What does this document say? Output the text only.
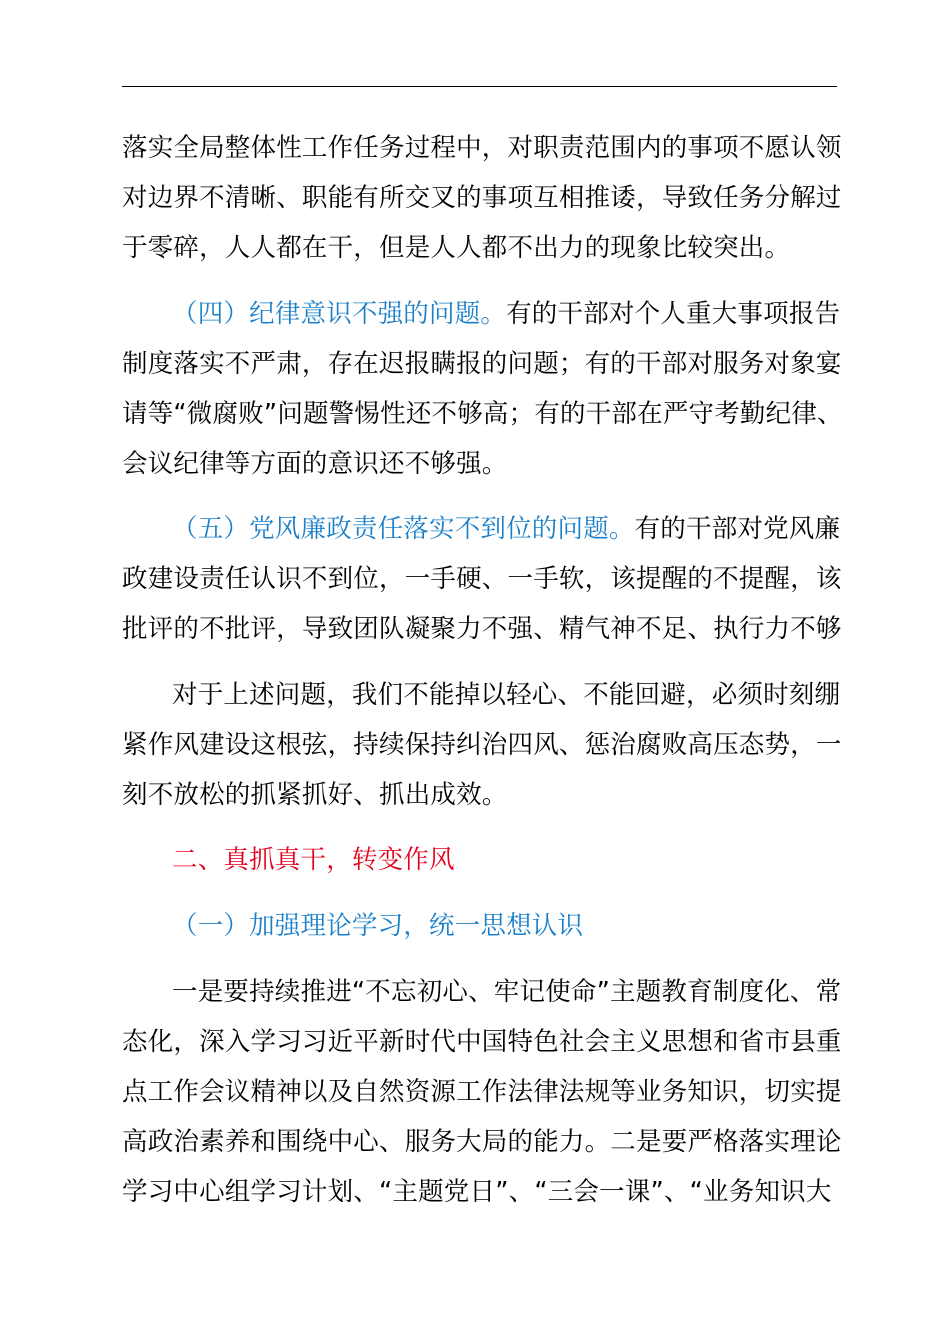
落实全局整体性工作任务过程中，对职责范围内的事项不愿认领
对边界不清晰、职能有所交叉的事项互相推诿，导致任务分解过
于零碎，人人都在干，但是人人都不出力的现象比较突出。
（四）纪律意识不强的问题。有的干部对个人重大事项报告
制度落实不严肃，存在迟报瞒报的问题；有的干部对服务对象宴
请等“微腐败”问题警惕性还不够高；有的干部在严守考勤纪律、
会议纪律等方面的意识还不够强。
（五）党风廉政责任落实不到位的问题。有的干部对党风廉
政建设责任认识不到位，一手硬、一手软，该提醒的不提醒，该
批评的不批评，导致团队凝聚力不强、精气神不足、执行力不够
对于上述问题，我们不能掉以轻心、不能回避，必须时刻绷
紧作风建设这根弦，持续保持纠治四风、惩治腐败高压态势，一
刻不放松的抓紧抓好、抓出成效。
二、真抓真干，转变作风
（一）加强理论学习，统一思想认识
一是要持续推进“不忘初心、牢记使命”主题教育制度化、常
态化，深入学习习近平新时代中国特色社会主义思想和省市县重
点工作会议精神以及自然资源工作法律法规等业务知识，切实提
高政治素养和围绕中心、服务大局的能力。二是要严格落实理论
学习中心组学习计划、“主题党日”、“三会一课”、“业务知识大
